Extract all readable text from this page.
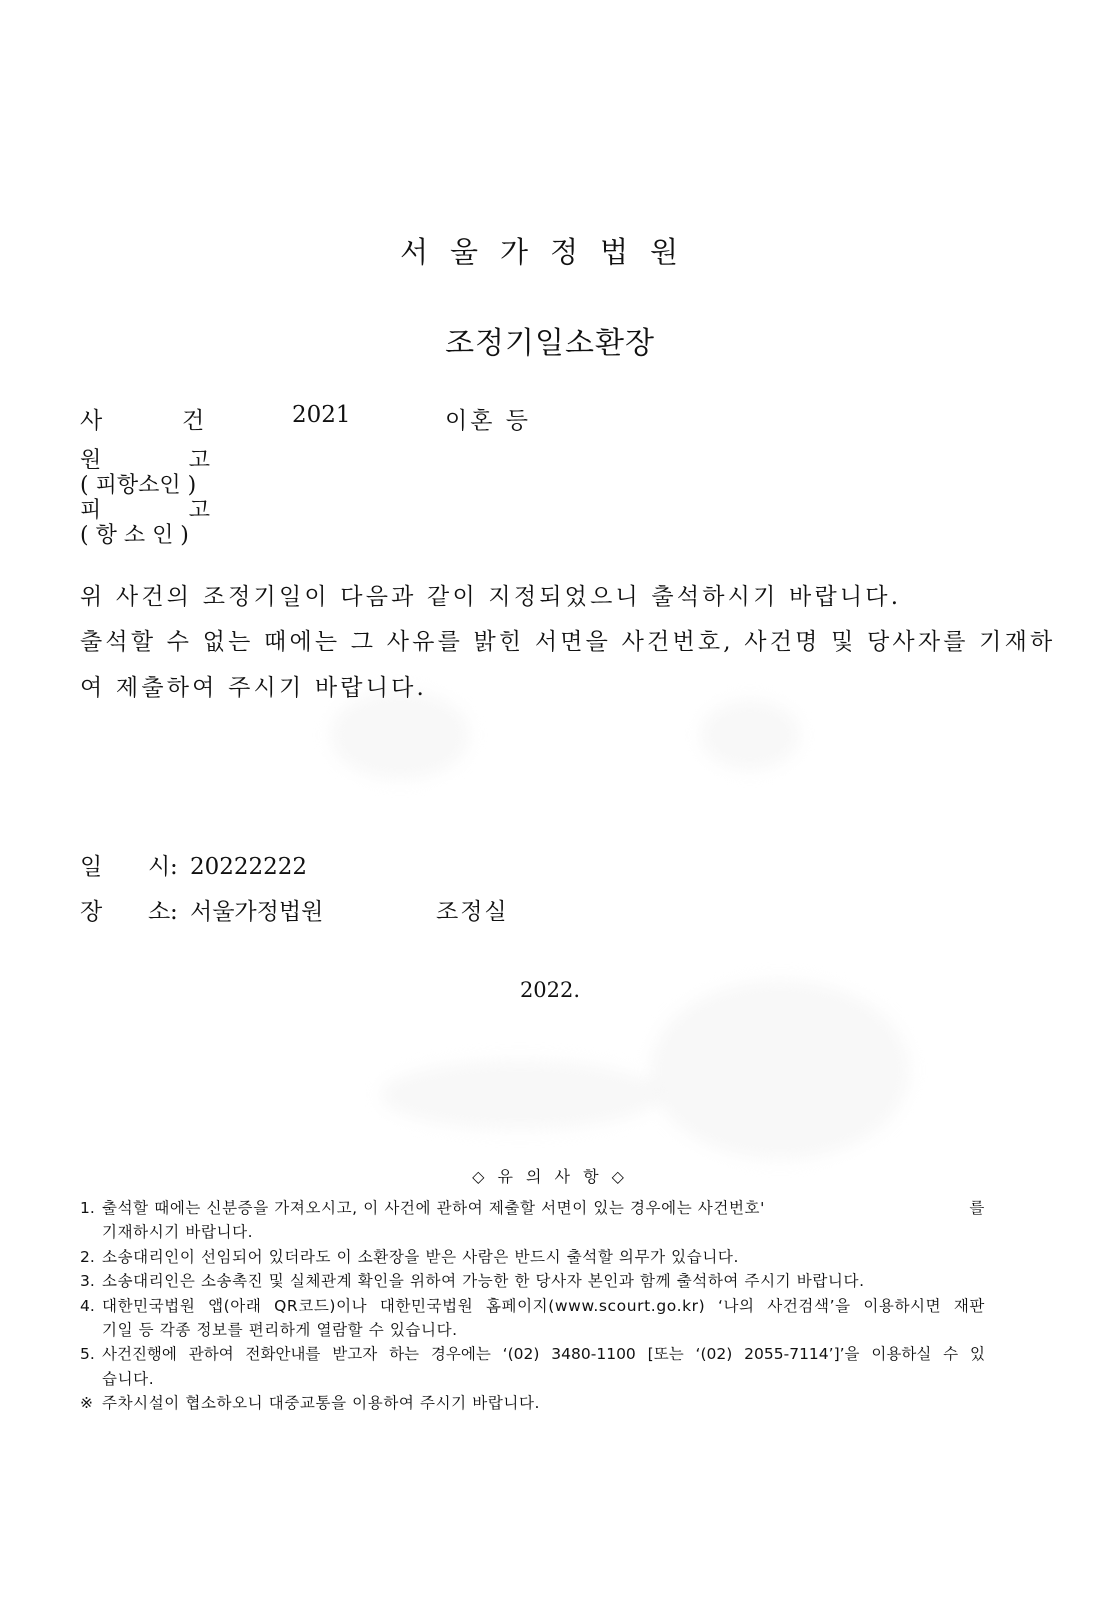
서울가정법원
조정기일소환장
사	건	2021	이혼 등
원	고
( 피항소인 )
피	고
( 항 소 인 )
위 사건의 조정기일이 다음과 같이 지정되었으니 출석하시기 바랍니다.
출석할 수 없는 때에는 그 사유를 밝힌 서면을 사건번호, 사건명 및 당사자를 기재하
여 제출하여 주시기 바랍니다.
일 시: 20222222
장 소: 서울가정법원	조정실
2022.
◇ 유 의 사 항 ◇
1. 출석할 때에는 신분증을 가져오시고, 이 사건에 관하여 제출할 서면이 있는 경우에는 사건번호'	를

기재하시기 바랍니다.
2. 소송대리인이 선임되어 있더라도 이 소환장을 받은 사람은 반드시 출석할 의무가 있습니다.
3. 소송대리인은 소송촉진 및 실체관계 확인을 위하여 가능한 한 당사자 본인과 함께 출석하여 주시기 바랍니다.
4. 대한민국법원 앱(아래 QR코드)이나 대한민국법원 홈페이지(www.scourt.go.kr) ‘나의 사건검색’을 이용하시면 재판
기일 등 각종 정보를 편리하게 열람할 수 있습니다.
5. 사건진행에 관하여 전화안내를 받고자 하는 경우에는 ‘(02) 3480-1100 [또는 ‘(02) 2055-7114’]’을 이용하실 수 있
습니다.
※ 주차시설이 협소하오니 대중교통을 이용하여 주시기 바랍니다.
